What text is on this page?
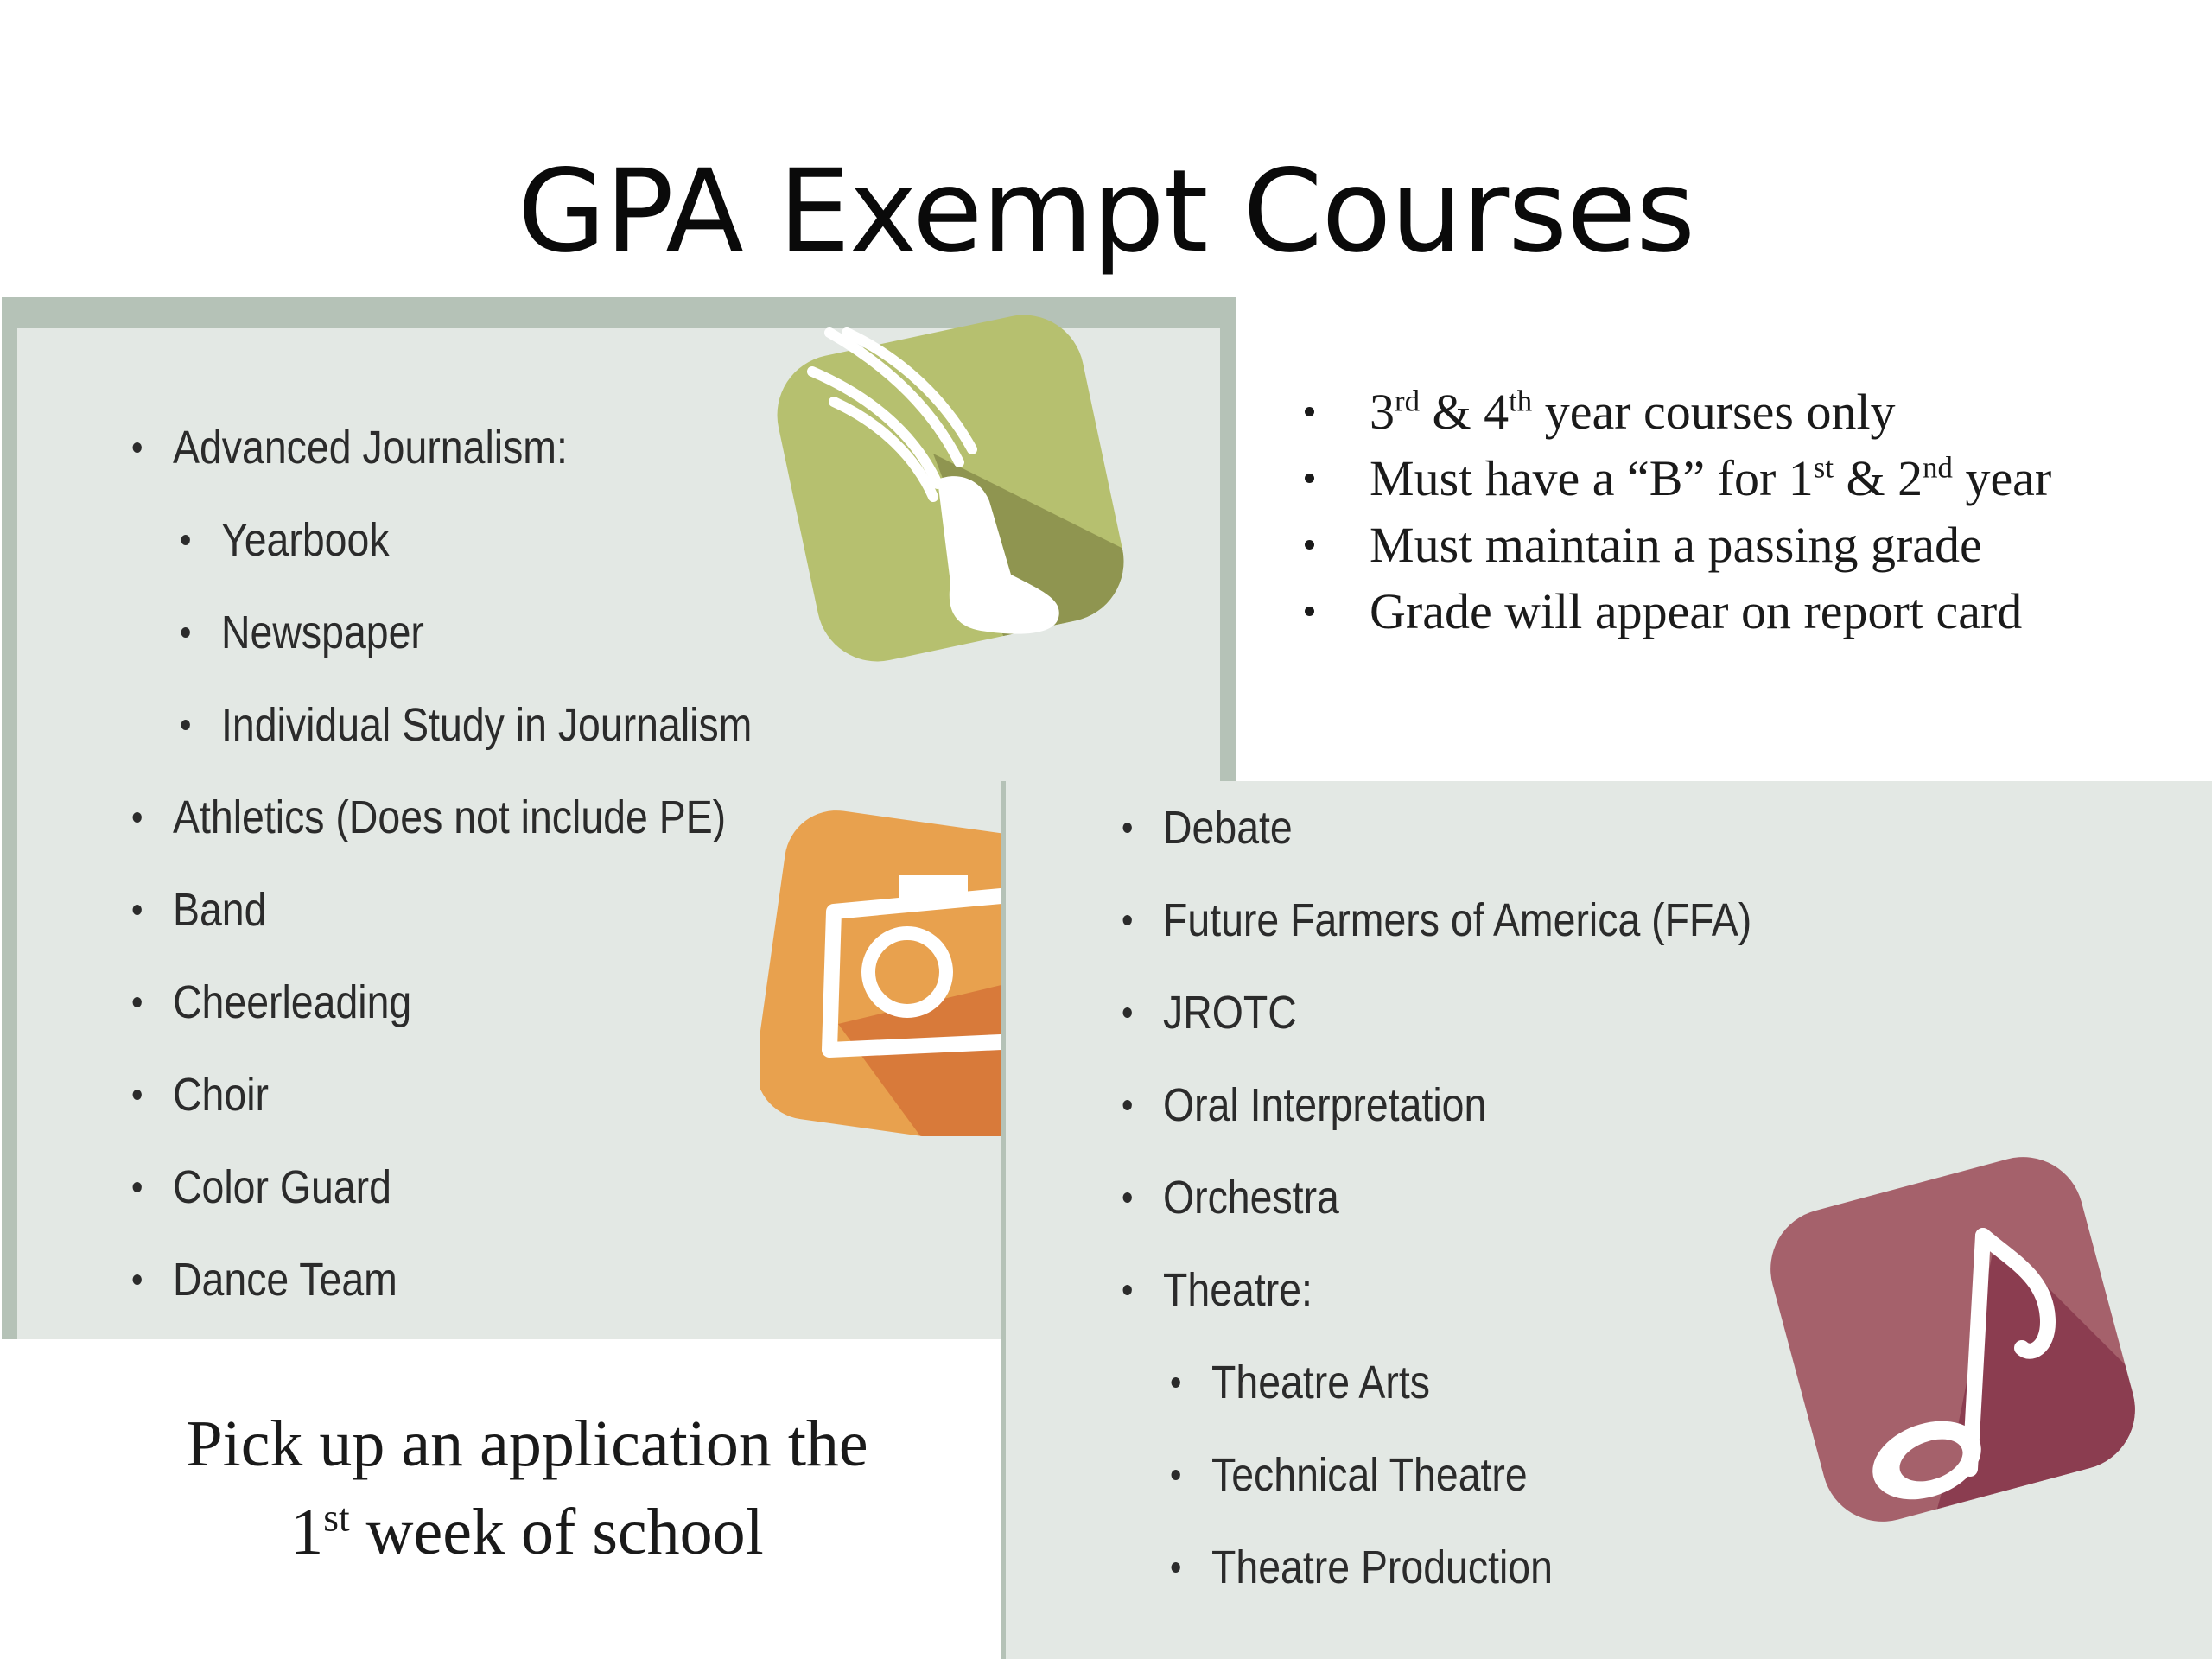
GPA Exempt Courses
Advanced Journalism:
Yearbook
Newspaper
Individual Study in Journalism
Athletics (Does not include PE)
Band
Cheerleading
Choir
Color Guard
Dance Team
Debate
Future Farmers of America (FFA)
JROTC
Oral Interpretation
Orchestra
Theatre:
Theatre Arts
Technical Theatre
Theatre Production
3rd & 4th year courses only
Must have a “B” for 1st & 2nd year
Must maintain a passing grade
Grade will appear on report card
Pick up an application the
1st week of school
